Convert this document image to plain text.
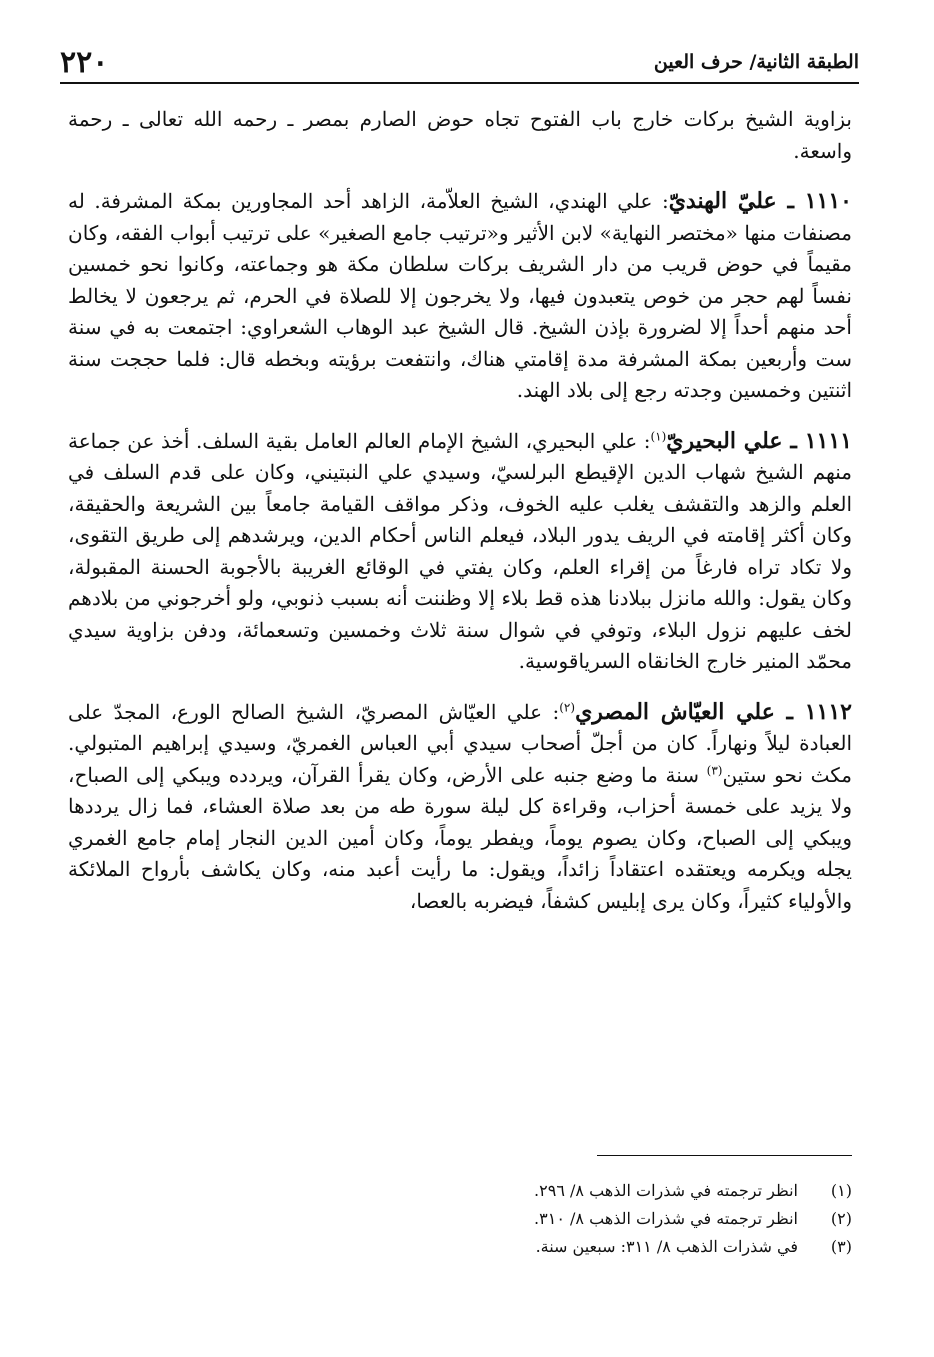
الطبقة الثانية/ حرف العين
٢٢٠

بزاوية الشيخ بركات خارج باب الفتوح تجاه حوض الصارم بمصر ـ رحمه الله تعالى ـ رحمة واسعة.

١١١٠ ـ عليّ الهنديّ: علي الهندي، الشيخ العلاّمة، الزاهد أحد المجاورين بمكة المشرفة. له مصنفات منها «مختصر النهاية» لابن الأثير و«ترتيب جامع الصغير» على ترتيب أبواب الفقه، وكان مقيماً في حوض قريب من دار الشريف بركات سلطان مكة هو وجماعته، وكانوا نحو خمسين نفساً لهم حجر من خوص يتعبدون فيها، ولا يخرجون إلا للصلاة في الحرم، ثم يرجعون لا يخالط أحد منهم أحداً إلا لضرورة بإذن الشيخ. قال الشيخ عبد الوهاب الشعراوي: اجتمعت به في سنة ست وأربعين بمكة المشرفة مدة إقامتي هناك، وانتفعت برؤيته وبخطه قال: فلما حججت سنة اثنتين وخمسين وجدته رجع إلى بلاد الهند.

١١١١ ـ علي البحيريّ$^{(١)}$: علي البحيري، الشيخ الإمام العالم العامل بقية السلف. أخذ عن جماعة منهم الشيخ شهاب الدين الإقيطع البرلسيّ، وسيدي علي النبتيني، وكان على قدم السلف في العلم والزهد والتقشف يغلب عليه الخوف، وذكر مواقف القيامة جامعاً بين الشريعة والحقيقة، وكان أكثر إقامته في الريف يدور البلاد، فيعلم الناس أحكام الدين، ويرشدهم إلى طريق التقوى، ولا تكاد تراه فارغاً من إقراء العلم، وكان يفتي في الوقائع الغريبة بالأجوبة الحسنة المقبولة، وكان يقول: والله مانزل ببلادنا هذه قط بلاء إلا وظننت أنه بسبب ذنوبي، ولو أخرجوني من بلادهم لخف عليهم نزول البلاء، وتوفي في شوال سنة ثلاث وخمسين وتسعمائة، ودفن بزاوية سيدي محمّد المنير خارج الخانقاه السرياقوسية.

١١١٢ ـ علي العيّاش المصري$^{(٢)}$: علي العيّاش المصريّ، الشيخ الصالح الورع، المجدّ على العبادة ليلاً ونهاراً. كان من أجلّ أصحاب سيدي أبي العباس الغمريّ، وسيدي إبراهيم المتبولي. مكث نحو ستين$^{(٣)}$ سنة ما وضع جنبه على الأرض، وكان يقرأ القرآن، ويردده ويبكي إلى الصباح، ولا يزيد على خمسة أحزاب، وقراءة كل ليلة سورة طه من بعد صلاة العشاء، فما زال يرددها ويبكي إلى الصباح، وكان يصوم يوماً، ويفطر يوماً، وكان أمين الدين النجار إمام جامع الغمري يجله ويكرمه ويعتقده اعتقاداً زائداً، ويقول: ما رأيت أعبد منه، وكان يكاشف بأرواح الملائكة والأولياء كثيراً، وكان يرى إبليس كشفاً، فيضربه بالعصا،

(١)
انظر ترجمته في شذرات الذهب ٨/ ٢٩٦.
(٢)
انظر ترجمته في شذرات الذهب ٨/ ٣١٠.
(٣)
في شذرات الذهب ٨/ ٣١١: سبعين سنة.
